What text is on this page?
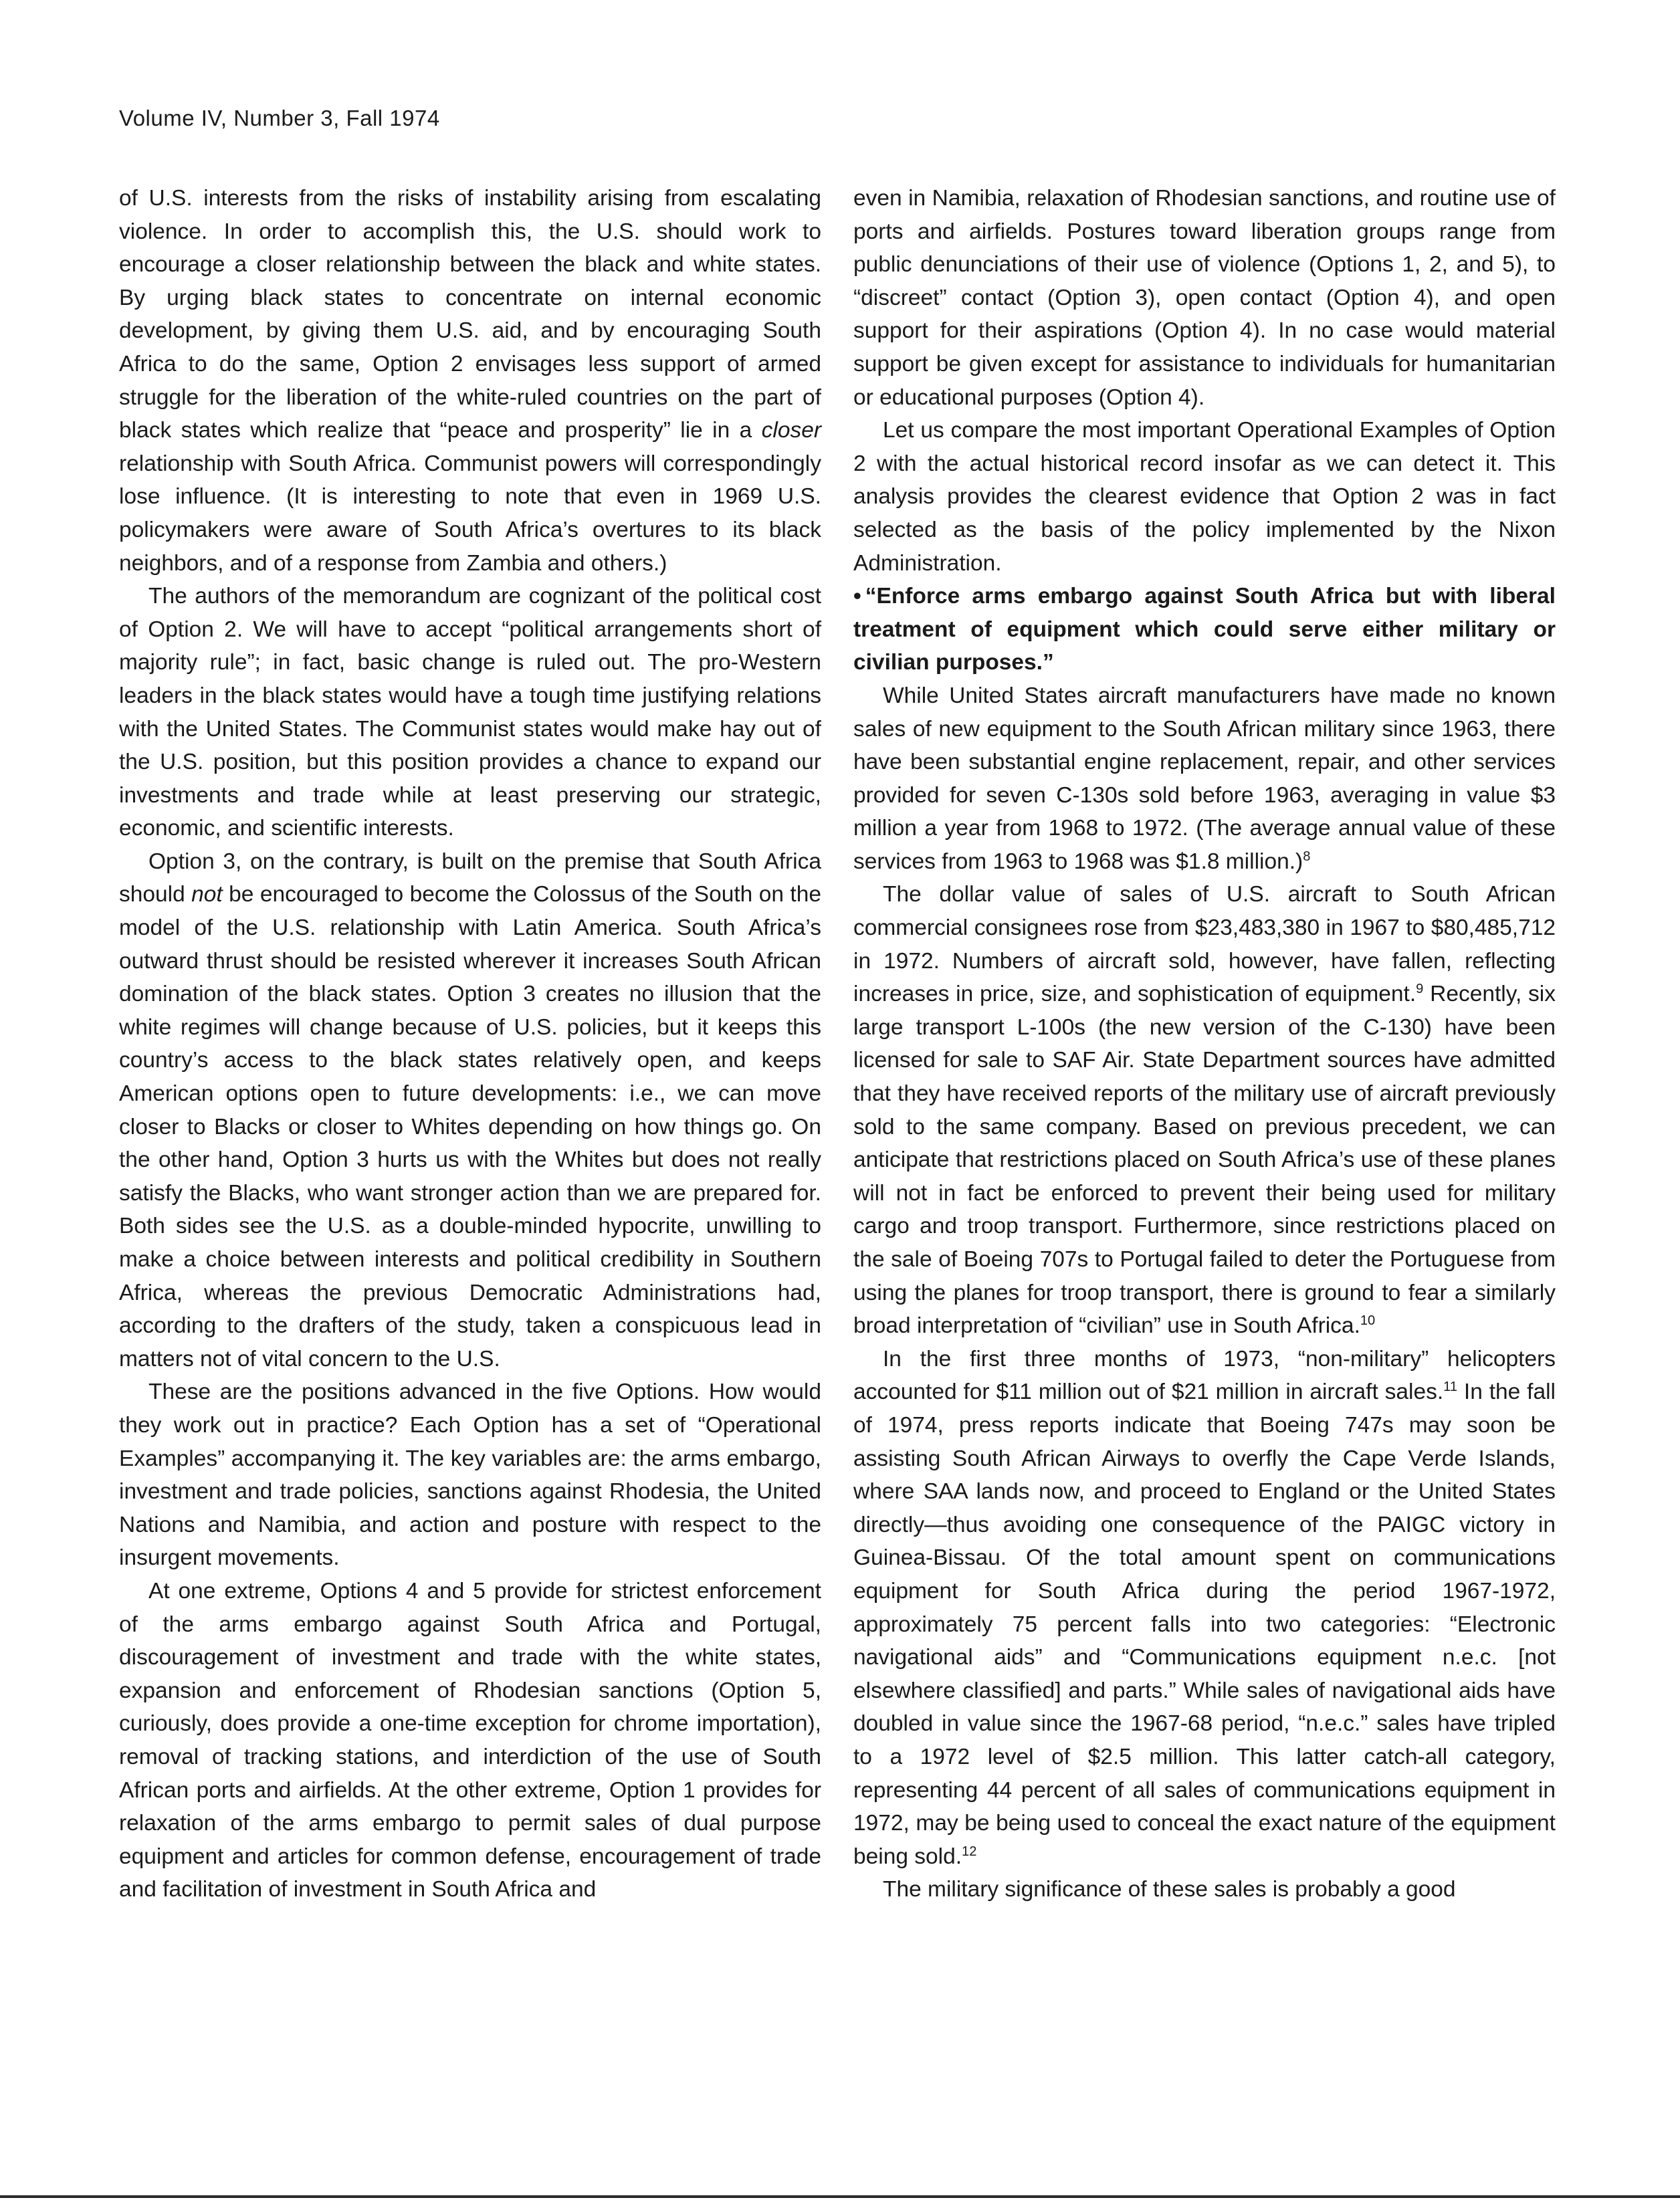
Volume IV, Number 3, Fall 1974

of U.S. interests from the risks of instability arising from escalating violence. In order to accomplish this, the U.S. should work to encourage a closer relationship between the black and white states. By urging black states to concentrate on internal economic development, by giving them U.S. aid, and by encouraging South Africa to do the same, Option 2 envisages less support of armed struggle for the liberation of the white-ruled countries on the part of black states which realize that “peace and prosperity” lie in a closer relationship with South Africa. Communist powers will correspondingly lose influence. (It is interesting to note that even in 1969 U.S. policymakers were aware of South Africa’s overtures to its black neighbors, and of a response from Zambia and others.)

The authors of the memorandum are cognizant of the political cost of Option 2. We will have to accept “political arrangements short of majority rule”; in fact, basic change is ruled out. The pro-Western leaders in the black states would have a tough time justifying relations with the United States. The Communist states would make hay out of the U.S. position, but this position provides a chance to expand our investments and trade while at least preserving our strategic, economic, and scientific interests.

Option 3, on the contrary, is built on the premise that South Africa should not be encouraged to become the Colossus of the South on the model of the U.S. relationship with Latin America. South Africa’s outward thrust should be resisted wherever it increases South African domination of the black states. Option 3 creates no illusion that the white regimes will change because of U.S. policies, but it keeps this country’s access to the black states relatively open, and keeps American options open to future developments: i.e., we can move closer to Blacks or closer to Whites depending on how things go. On the other hand, Option 3 hurts us with the Whites but does not really satisfy the Blacks, who want stronger action than we are prepared for. Both sides see the U.S. as a double-minded hypocrite, unwilling to make a choice between interests and political credibility in Southern Africa, whereas the previous Democratic Administrations had, according to the drafters of the study, taken a conspicuous lead in matters not of vital concern to the U.S.

These are the positions advanced in the five Options. How would they work out in practice? Each Option has a set of “Operational Examples” accompanying it. The key variables are: the arms embargo, investment and trade policies, sanctions against Rhodesia, the United Nations and Namibia, and action and posture with respect to the insurgent movements.

At one extreme, Options 4 and 5 provide for strictest enforcement of the arms embargo against South Africa and Portugal, discouragement of investment and trade with the white states, expansion and enforcement of Rhodesian sanctions (Option 5, curiously, does provide a one-time exception for chrome importation), removal of tracking stations, and interdiction of the use of South African ports and airfields. At the other extreme, Option 1 provides for relaxation of the arms embargo to permit sales of dual purpose equipment and articles for common defense, encouragement of trade and facilitation of investment in South Africa and

even in Namibia, relaxation of Rhodesian sanctions, and routine use of ports and airfields. Postures toward liberation groups range from public denunciations of their use of violence (Options 1, 2, and 5), to “discreet” contact (Option 3), open contact (Option 4), and open support for their aspirations (Option 4). In no case would material support be given except for assistance to individuals for humanitarian or educational purposes (Option 4).

Let us compare the most important Operational Examples of Option 2 with the actual historical record insofar as we can detect it. This analysis provides the clearest evidence that Option 2 was in fact selected as the basis of the policy implemented by the Nixon Administration.

• “Enforce arms embargo against South Africa but with liberal treatment of equipment which could serve either military or civilian purposes.”

While United States aircraft manufacturers have made no known sales of new equipment to the South African military since 1963, there have been substantial engine replacement, repair, and other services provided for seven C-130s sold before 1963, averaging in value $3 million a year from 1968 to 1972. (The average annual value of these services from 1963 to 1968 was $1.8 million.)$^8$

The dollar value of sales of U.S. aircraft to South African commercial consignees rose from $23,483,380 in 1967 to $80,485,712 in 1972. Numbers of aircraft sold, however, have fallen, reflecting increases in price, size, and sophistication of equipment.$^9$ Recently, six large transport L-100s (the new version of the C-130) have been licensed for sale to SAF Air. State Department sources have admitted that they have received reports of the military use of aircraft previously sold to the same company. Based on previous precedent, we can anticipate that restrictions placed on South Africa’s use of these planes will not in fact be enforced to prevent their being used for military cargo and troop transport. Furthermore, since restrictions placed on the sale of Boeing 707s to Portugal failed to deter the Portuguese from using the planes for troop transport, there is ground to fear a similarly broad interpretation of “civilian” use in South Africa.$^{10}$

In the first three months of 1973, “non-military” helicopters accounted for $11 million out of $21 million in aircraft sales.$^{11}$ In the fall of 1974, press reports indicate that Boeing 747s may soon be assisting South African Airways to overfly the Cape Verde Islands, where SAA lands now, and proceed to England or the United States directly—thus avoiding one consequence of the PAIGC victory in Guinea-Bissau. Of the total amount spent on communications equipment for South Africa during the period 1967-1972, approximately 75 percent falls into two categories: “Electronic navigational aids” and “Communications equipment n.e.c. [not elsewhere classified] and parts.” While sales of navigational aids have doubled in value since the 1967-68 period, “n.e.c.” sales have tripled to a 1972 level of $2.5 million. This latter catch-all category, representing 44 percent of all sales of communications equipment in 1972, may be being used to conceal the exact nature of the equipment being sold.$^{12}$

The military significance of these sales is probably a good
